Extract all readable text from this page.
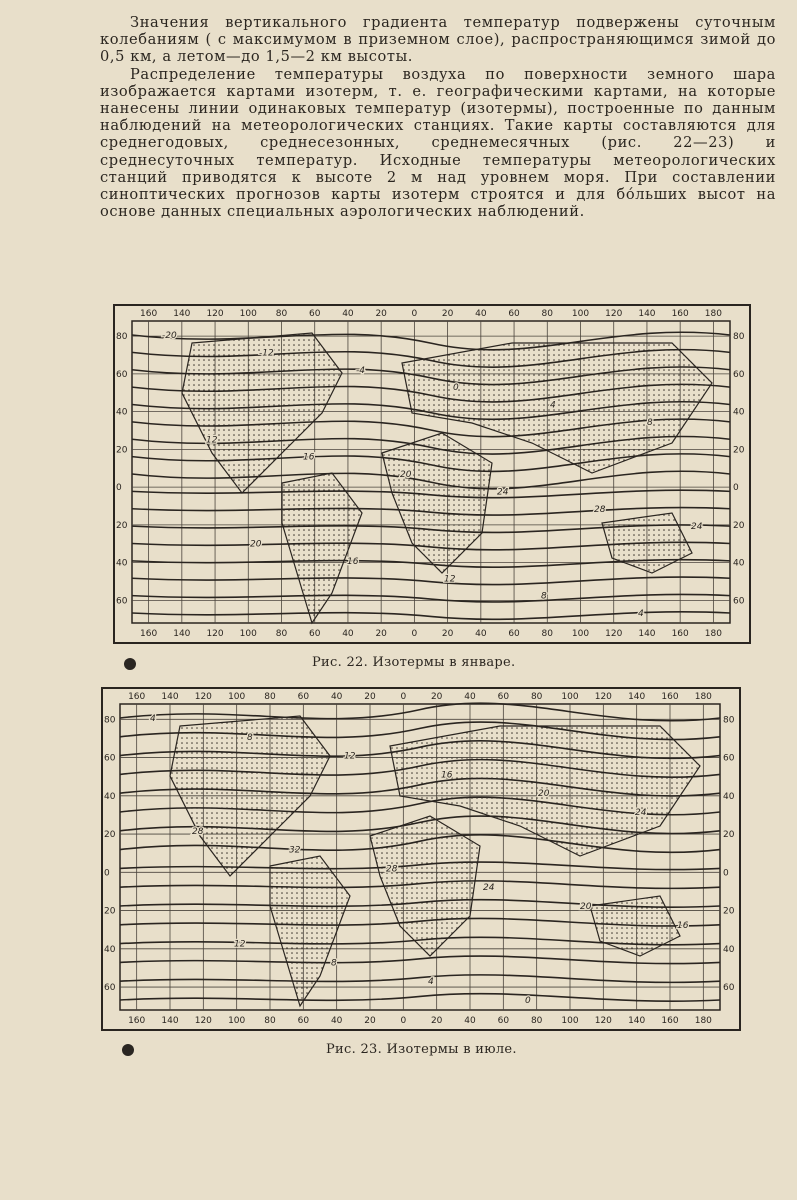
Значения вертикального градиента температур подвержены суточным колебаниям ( с максимумом в приземном слое), распространяющимся зимой до 0,5 км, а летом—до 1,5—2 км высоты.

Распределение температуры воздуха по поверхности земного шара изображается картами изотерм, т. е. географическими картами, на которые нанесены линии одинаковых температур (изотермы), построенные по данным наблюдений на метеорологических станциях. Такие карты составляются для среднегодовых, среднесезонных, среднемесячных (рис. 22—23) и среднесуточных температур. Исходные температуры метеорологических станций приводятся к высоте 2 м над уровнем моря. При составлении синоптических прогнозов карты изотерм строятся и для бо́льших высот на основе данных специальных аэрологических наблюдений.

160
160
140
140
120
120
100
100
80
80
60
60
40
40
20
20
0
0
20
20
40
40
60
60
80
80
100
100
120
120
140
140
160
160
180
180
80
80
60
60
40
40
20
20
0
0
20
20
40
40
60
60
-20
-12
-4
0
4
8
12
16
20
24
28
24
20
16
12
8
4
Рис. 22. Изотермы в январе.
160
160
140
140
120
120
100
100
80
80
60
60
40
40
20
20
0
0
20
20
40
40
60
60
80
80
100
100
120
120
140
140
160
160
180
180
80
80
60
60
40
40
20
20
0
0
20
20
40
40
60
60
4
8
12
16
20
24
28
32
28
24
20
16
12
8
4
0
Рис. 23. Изотермы в июле.
